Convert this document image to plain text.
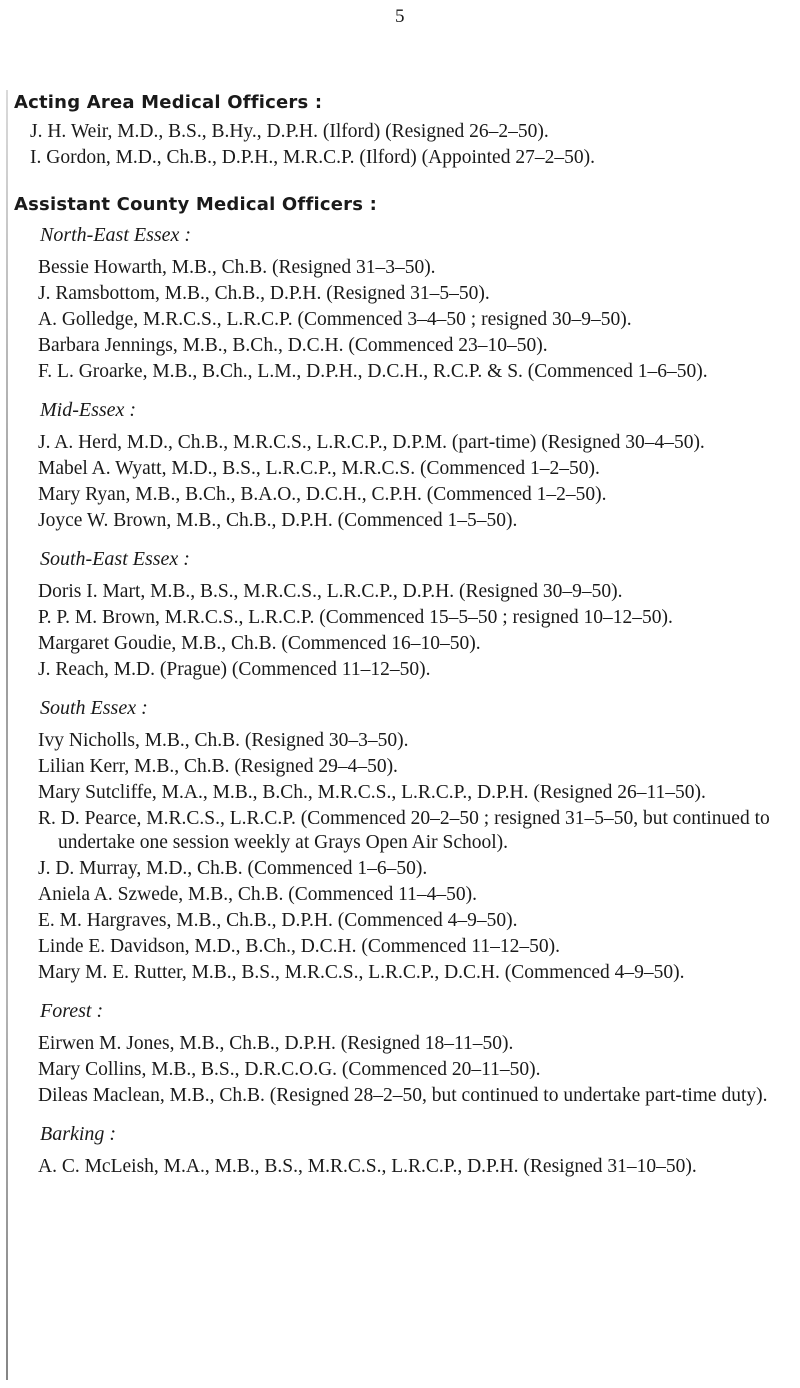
5
Acting Area Medical Officers :
J. H. Weir, M.D., B.S., B.Hy., D.P.H. (Ilford) (Resigned 26–2–50).
I. Gordon, M.D., Ch.B., D.P.H., M.R.C.P. (Ilford) (Appointed 27–2–50).
Assistant County Medical Officers :
North-East Essex :
Bessie Howarth, M.B., Ch.B. (Resigned 31–3–50).
J. Ramsbottom, M.B., Ch.B., D.P.H. (Resigned 31–5–50).
A. Golledge, M.R.C.S., L.R.C.P. (Commenced 3–4–50 ; resigned 30–9–50).
Barbara Jennings, M.B., B.Ch., D.C.H. (Commenced 23–10–50).
F. L. Groarke, M.B., B.Ch., L.M., D.P.H., D.C.H., R.C.P. & S. (Commenced 1–6–50).
Mid-Essex :
J. A. Herd, M.D., Ch.B., M.R.C.S., L.R.C.P., D.P.M. (part-time) (Resigned 30–4–50).
Mabel A. Wyatt, M.D., B.S., L.R.C.P., M.R.C.S. (Commenced 1–2–50).
Mary Ryan, M.B., B.Ch., B.A.O., D.C.H., C.P.H. (Commenced 1–2–50).
Joyce W. Brown, M.B., Ch.B., D.P.H. (Commenced 1–5–50).
South-East Essex :
Doris I. Mart, M.B., B.S., M.R.C.S., L.R.C.P., D.P.H. (Resigned 30–9–50).
P. P. M. Brown, M.R.C.S., L.R.C.P. (Commenced 15–5–50 ; resigned 10–12–50).
Margaret Goudie, M.B., Ch.B. (Commenced 16–10–50).
J. Reach, M.D. (Prague) (Commenced 11–12–50).
South Essex :
Ivy Nicholls, M.B., Ch.B. (Resigned 30–3–50).
Lilian Kerr, M.B., Ch.B. (Resigned 29–4–50).
Mary Sutcliffe, M.A., M.B., B.Ch., M.R.C.S., L.R.C.P., D.P.H. (Resigned 26–11–50).
R. D. Pearce, M.R.C.S., L.R.C.P. (Commenced 20–2–50 ; resigned 31–5–50, but continued to undertake one session weekly at Grays Open Air School).
J. D. Murray, M.D., Ch.B. (Commenced 1–6–50).
Aniela A. Szwede, M.B., Ch.B. (Commenced 11–4–50).
E. M. Hargraves, M.B., Ch.B., D.P.H. (Commenced 4–9–50).
Linde E. Davidson, M.D., B.Ch., D.C.H. (Commenced 11–12–50).
Mary M. E. Rutter, M.B., B.S., M.R.C.S., L.R.C.P., D.C.H. (Commenced 4–9–50).
Forest :
Eirwen M. Jones, M.B., Ch.B., D.P.H. (Resigned 18–11–50).
Mary Collins, M.B., B.S., D.R.C.O.G. (Commenced 20–11–50).
Dileas Maclean, M.B., Ch.B. (Resigned 28–2–50, but continued to undertake part-time duty).
Barking :
A. C. McLeish, M.A., M.B., B.S., M.R.C.S., L.R.C.P., D.P.H. (Resigned 31–10–50).
